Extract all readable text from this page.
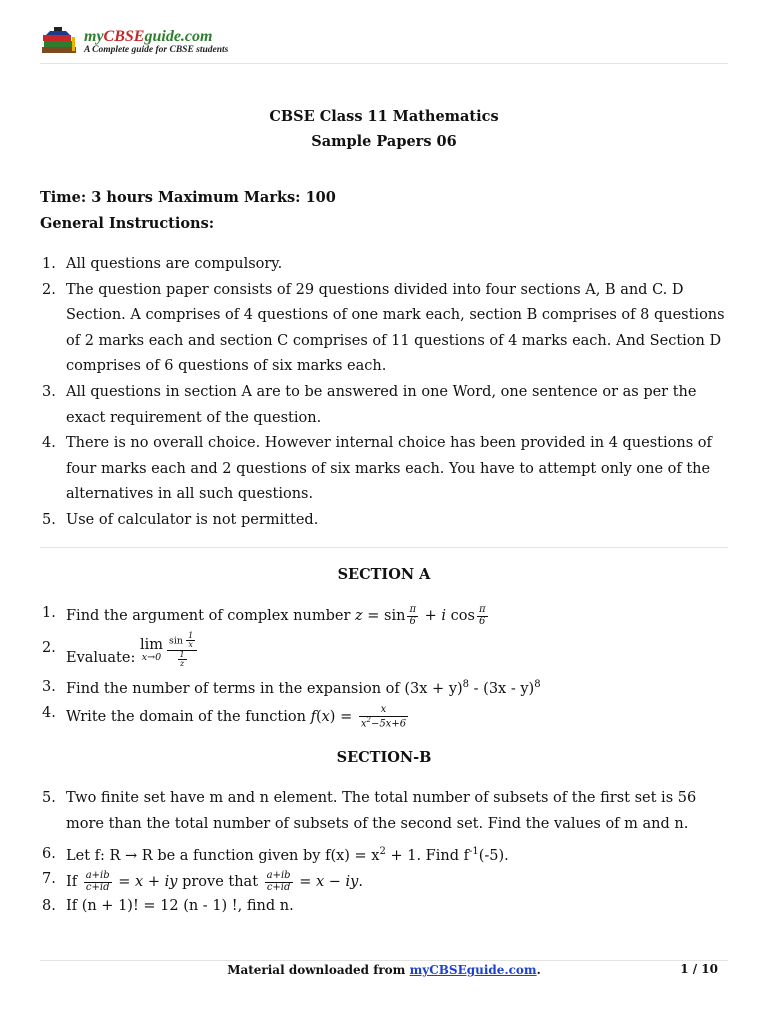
myCBSEguide.com
A Complete guide for CBSE students
CBSE Class 11 Mathematics
Sample Papers 06
Time: 3 hours Maximum Marks: 100
General Instructions:
1. All questions are compulsory.
2. The question paper consists of 29 questions divided into four sections A, B and C. D Section. A comprises of 4 questions of one mark each, section B comprises of 8 questions of 2 marks each and section C comprises of 11 questions of 4 marks each. And Section D comprises of 6 questions of six marks each.
3. All questions in section A are to be answered in one Word, one sentence or as per the exact requirement of the question.
4. There is no overall choice. However internal choice has been provided in 4 questions of four marks each and 2 questions of six marks each. You have to attempt only one of the alternatives in all such questions.
5. Use of calculator is not permitted.
SECTION A
1. Find the argument of complex number $z = \sin \frac{\pi}{6} + i$ $\cos \frac{\pi}{6}$
2.
Evaluate:
lim
$x\to 0 \frac{\sin \frac{1}{x}}{\frac{1}{z}}$
3. Find the number of terms in the expansion of $(3x + y)^8 - (3x - y)^8$
4. Write the domain of the function $f(x) = \frac{x}{x^2-5x+6}$
SECTION-B
5. Two finite set have m and n element. The total number of subsets of the first set is 56 more than the total number of subsets of the second set. Find the values of m and n.
6. Let f: R → R be a function given by $f(x) = x^2 + 1$. Find $f^{-1}(-5)$.
7. If $\frac{a+ib}{c+id} = x$ + iy prove that $\frac{a+ib}{c+id} = x$ − iy.
8. If (n + 1)! = 12 (n - 1) !, find n.
Material downloaded from myCBSEguide.com.	1 / 10
